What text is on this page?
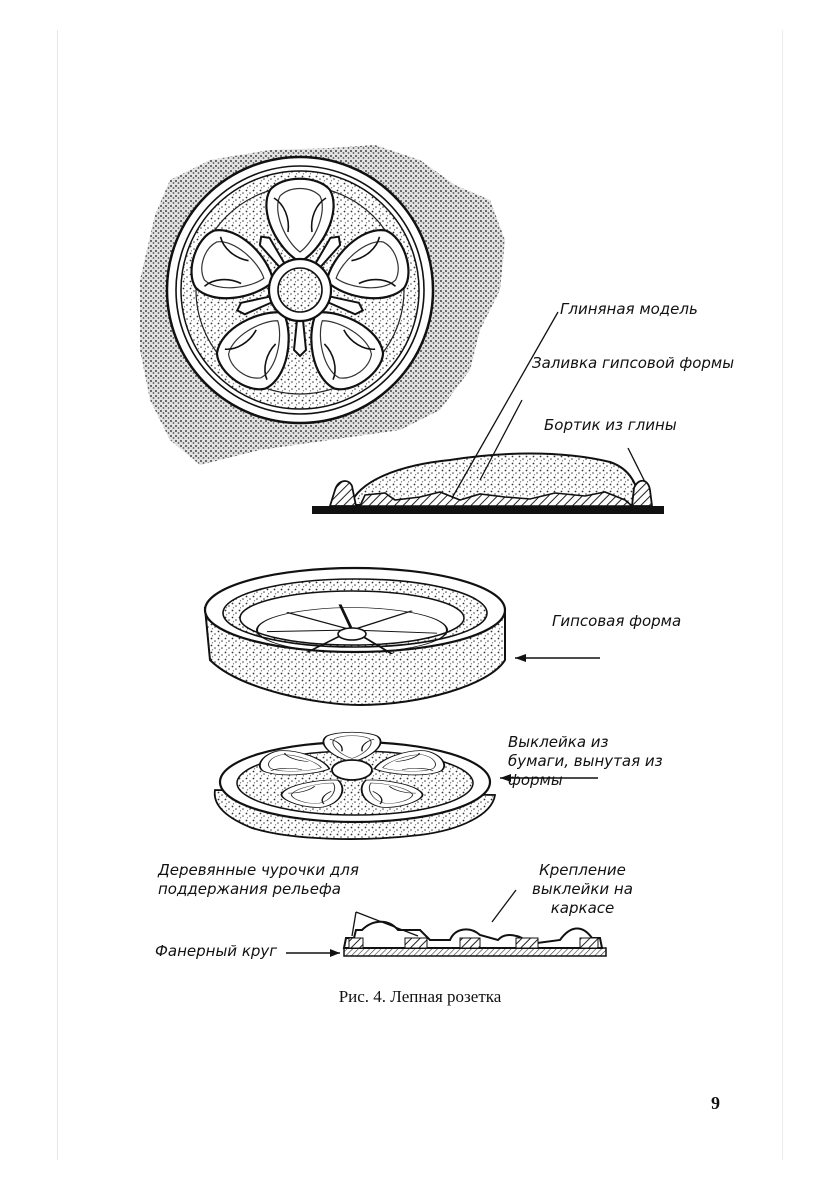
Глиняная модель
Заливка гипсовой формы
Бортик из глины
Гипсовая форма
Выклейка из бумаги, вынутая из формы
Деревянные чурочки для поддержания рельефа
Фанерный круг
Крепление выклейки на каркасе
Рис. 4. Лепная розетка
9
